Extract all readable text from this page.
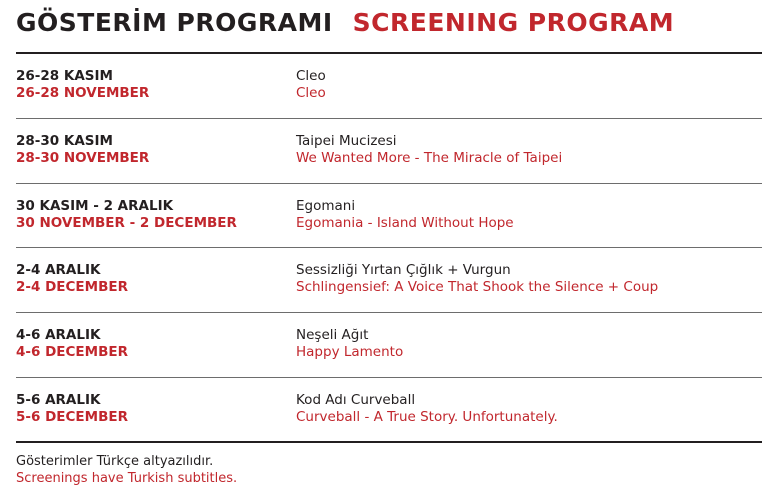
GÖSTERİM PROGRAMI SCREENING PROGRAM
26-28 KASIM
26-28 NOVEMBER
Cleo
Cleo
28-30 KASIM
28-30 NOVEMBER
Taipei Mucizesi
We Wanted More - The Miracle of Taipei
30 KASIM - 2 ARALIK
30 NOVEMBER - 2 DECEMBER
Egomani
Egomania - Island Without Hope
2-4 ARALIK
2-4 DECEMBER
Sessizliği Yırtan Çığlık + Vurgun
Schlingensief: A Voice That Shook the Silence + Coup
4-6 ARALIK
4-6 DECEMBER
Neşeli Ağıt
Happy Lamento
5-6 ARALIK
5-6 DECEMBER
Kod Adı Curveball
Curveball - A True Story. Unfortunately.
Gösterimler Türkçe altyazılıdır.
Screenings have Turkish subtitles.
